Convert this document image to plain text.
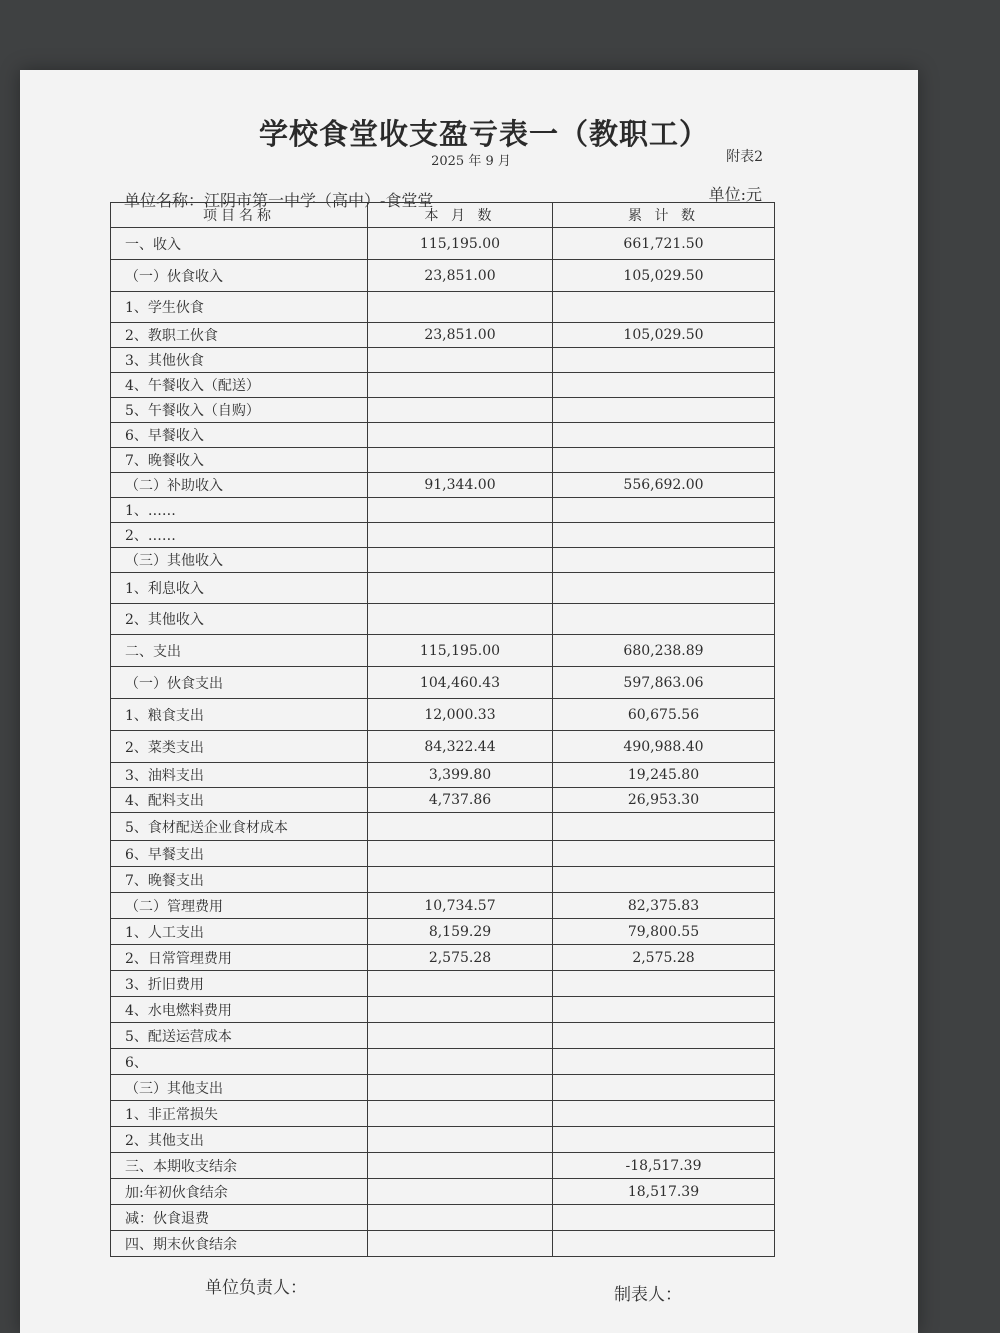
学校食堂收支盈亏表一（教职工）
2025 年 9 月	附表2
单位名称：江阴市第一中学（高中）-食堂堂	单位:元
项目名称	本 月 数	累 计 数
一、收入	115,195.00	661,721.50
（一）伙食收入	23,851.00	105,029.50
1、学生伙食		
2、教职工伙食	23,851.00	105,029.50
3、其他伙食		
4、午餐收入（配送）		
5、午餐收入（自购）		
6、早餐收入		
7、晚餐收入		
（二）补助收入	91,344.00	556,692.00
1、……		
2、……		
（三）其他收入		
1、利息收入		
2、其他收入		
二、支出	115,195.00	680,238.89
（一）伙食支出	104,460.43	597,863.06
1、粮食支出	12,000.33	60,675.56
2、菜类支出	84,322.44	490,988.40
3、油料支出	3,399.80	19,245.80
4、配料支出	4,737.86	26,953.30
5、食材配送企业食材成本		
6、早餐支出		
7、晚餐支出		
（二）管理费用	10,734.57	82,375.83
1、人工支出	8,159.29	79,800.55
2、日常管理费用	2,575.28	2,575.28
3、折旧费用		
4、水电燃料费用		
5、配送运营成本		
6、		
（三）其他支出		
1、非正常损失		
2、其他支出		
三、本期收支结余		-18,517.39
加:年初伙食结余		18,517.39
减：伙食退费		
四、期末伙食结余		
单位负责人：	制表人：
